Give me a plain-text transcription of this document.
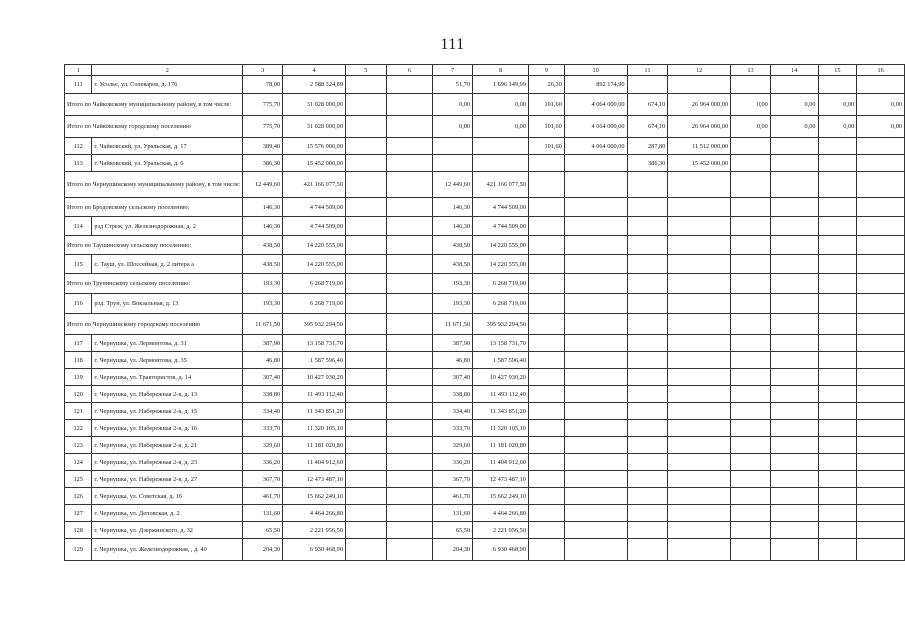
111
1	2	3	4	5	6	7	8	9	10	11	12	13	14	15	16
111	г. Усолье, ул. Солеваров, д. 176	78,00	2 588 324,89			51,70	1 696 149,99	26,30	892 174,90						
Итого по Чайковскому муниципальному району, в том числе:		775,70	31 028 000,00			0,00	0,00	101,60	4 064 000,00	674,10	26 964 000,00	0,00	0,00	0,00	0,00
Итого по Чайковскому городскому поселению		775,70	31 028 000,00			0,00	0,00	101,60	4 064 000,00	674,10	26 964 000,00	0,00	0,00	0,00	0,00
112	г. Чайковский, ул. Уральская, д. 17	389,40	15 576 000,00					101,60	4 064 000,00	287,80	11 512 000,00				
113	г. Чайковский, ул. Уральская, д. 6	386,30	15 452 000,00							386,30	15 452 000,00				
Итого по Чернушинскому муниципальному району, в том числе:		12 449,60	421 166 077,50			12 449,60	421 166 077,50								
Итого по Бродовскому сельскому поселению:		146,30	4 744 509,00			146,30	4 744 509,00								
114	рзд Стреж, ул. Железнодорожная, д. 2	146,30	4 744 509,00			146,30	4 744 509,00								
Итого по Таушинскому сельскому поселению:		438,50	14 220 555,00			438,50	14 220 555,00								
115	с. Тауш, ул. Шоссейная, д. 2 литера а	438,50	14 220 555,00			438,50	14 220 555,00								
Итого по Трунинскому сельскому поселению:		193,30	6 268 719,00			193,30	6 268 719,00								
116	рзд. Трун, ул. Вокзальная, д. 13	193,30	6 268 719,00			193,30	6 268 719,00								
Итого по Чернушинскому городскому поселению		11 671,50	395 932 294,50			11 671,50	395 932 294,50								
117	г. Чернушка, ул. Лермонтова, д. 31	387,90	13 158 731,70			387,90	13 158 731,70								
118	г. Чернушка, ул. Лермонтова, д. 35	46,80	1 587 596,40			46,80	1 587 596,40								
119	г. Чернушка, ул. Трактористов, д. 14	307,40	10 427 930,20			307,40	10 427 930,20								
120	г. Чернушка, ул. Набережная 2-я, д. 13	338,80	11 493 112,40			338,80	11 493 112,40								
121	г. Чернушка, ул. Набережная 2-я, д. 15	334,40	11 343 851,20			334,40	11 343 851,20								
122	г. Чернушка, ул. Набережная 2-я, д. 16	333,70	11 320 105,10			333,70	11 320 105,10								
123	г. Чернушка, ул. Набережная 2-я, д. 21	329,60	11 181 020,80			329,60	11 181 020,80								
124	г. Чернушка, ул. Набережная 2-я, д. 23	336,20	11 404 912,60			336,20	11 404 912,60								
125	г. Чернушка, ул. Набережная 2-я, д. 27	367,70	12 473 487,10			367,70	12 473 487,10								
126	г. Чернушка, ул. Советская, д. 16	461,70	15 662 249,10			461,70	15 662 249,10								
127	г. Чернушка, ул. Деповская, д. 2	131,60	4 464 266,80			131,60	4 464 266,80								
128	г. Чернушка, ул. Дзержинского, д. 32	65,50	2 221 956,50			65,50	2 221 956,50								
129	г. Чернушка, ул. Железнодорожная, , д. 40	204,30	6 930 468,90			204,30	6 930 468,90								
